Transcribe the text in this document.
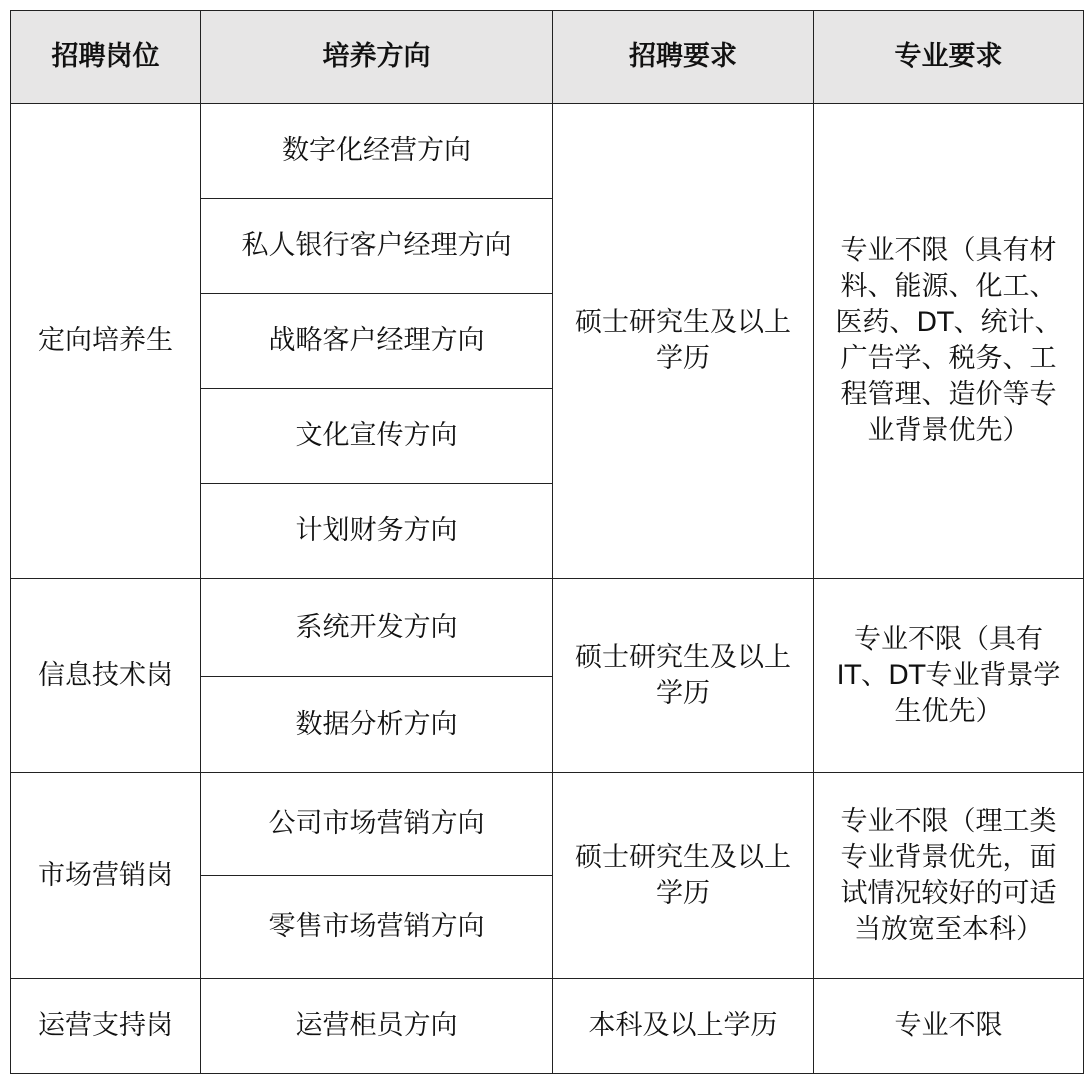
招聘岗位	培养方向	招聘要求	专业要求
定向培养生	数字化经营方向	硕士研究生及以上学历	专业不限（具有材料、能源、化工、医药、DT、统计、广告学、税务、工程管理、造价等专业背景优先）
	私人银行客户经理方向		
	战略客户经理方向		
	文化宣传方向		
	计划财务方向		
信息技术岗	系统开发方向	硕士研究生及以上学历	专业不限（具有IT、DT专业背景学生优先）
	数据分析方向		
市场营销岗	公司市场营销方向	硕士研究生及以上学历	专业不限（理工类专业背景优先，面试情况较好的可适当放宽至本科）
	零售市场营销方向		
运营支持岗	运营柜员方向	本科及以上学历	专业不限
